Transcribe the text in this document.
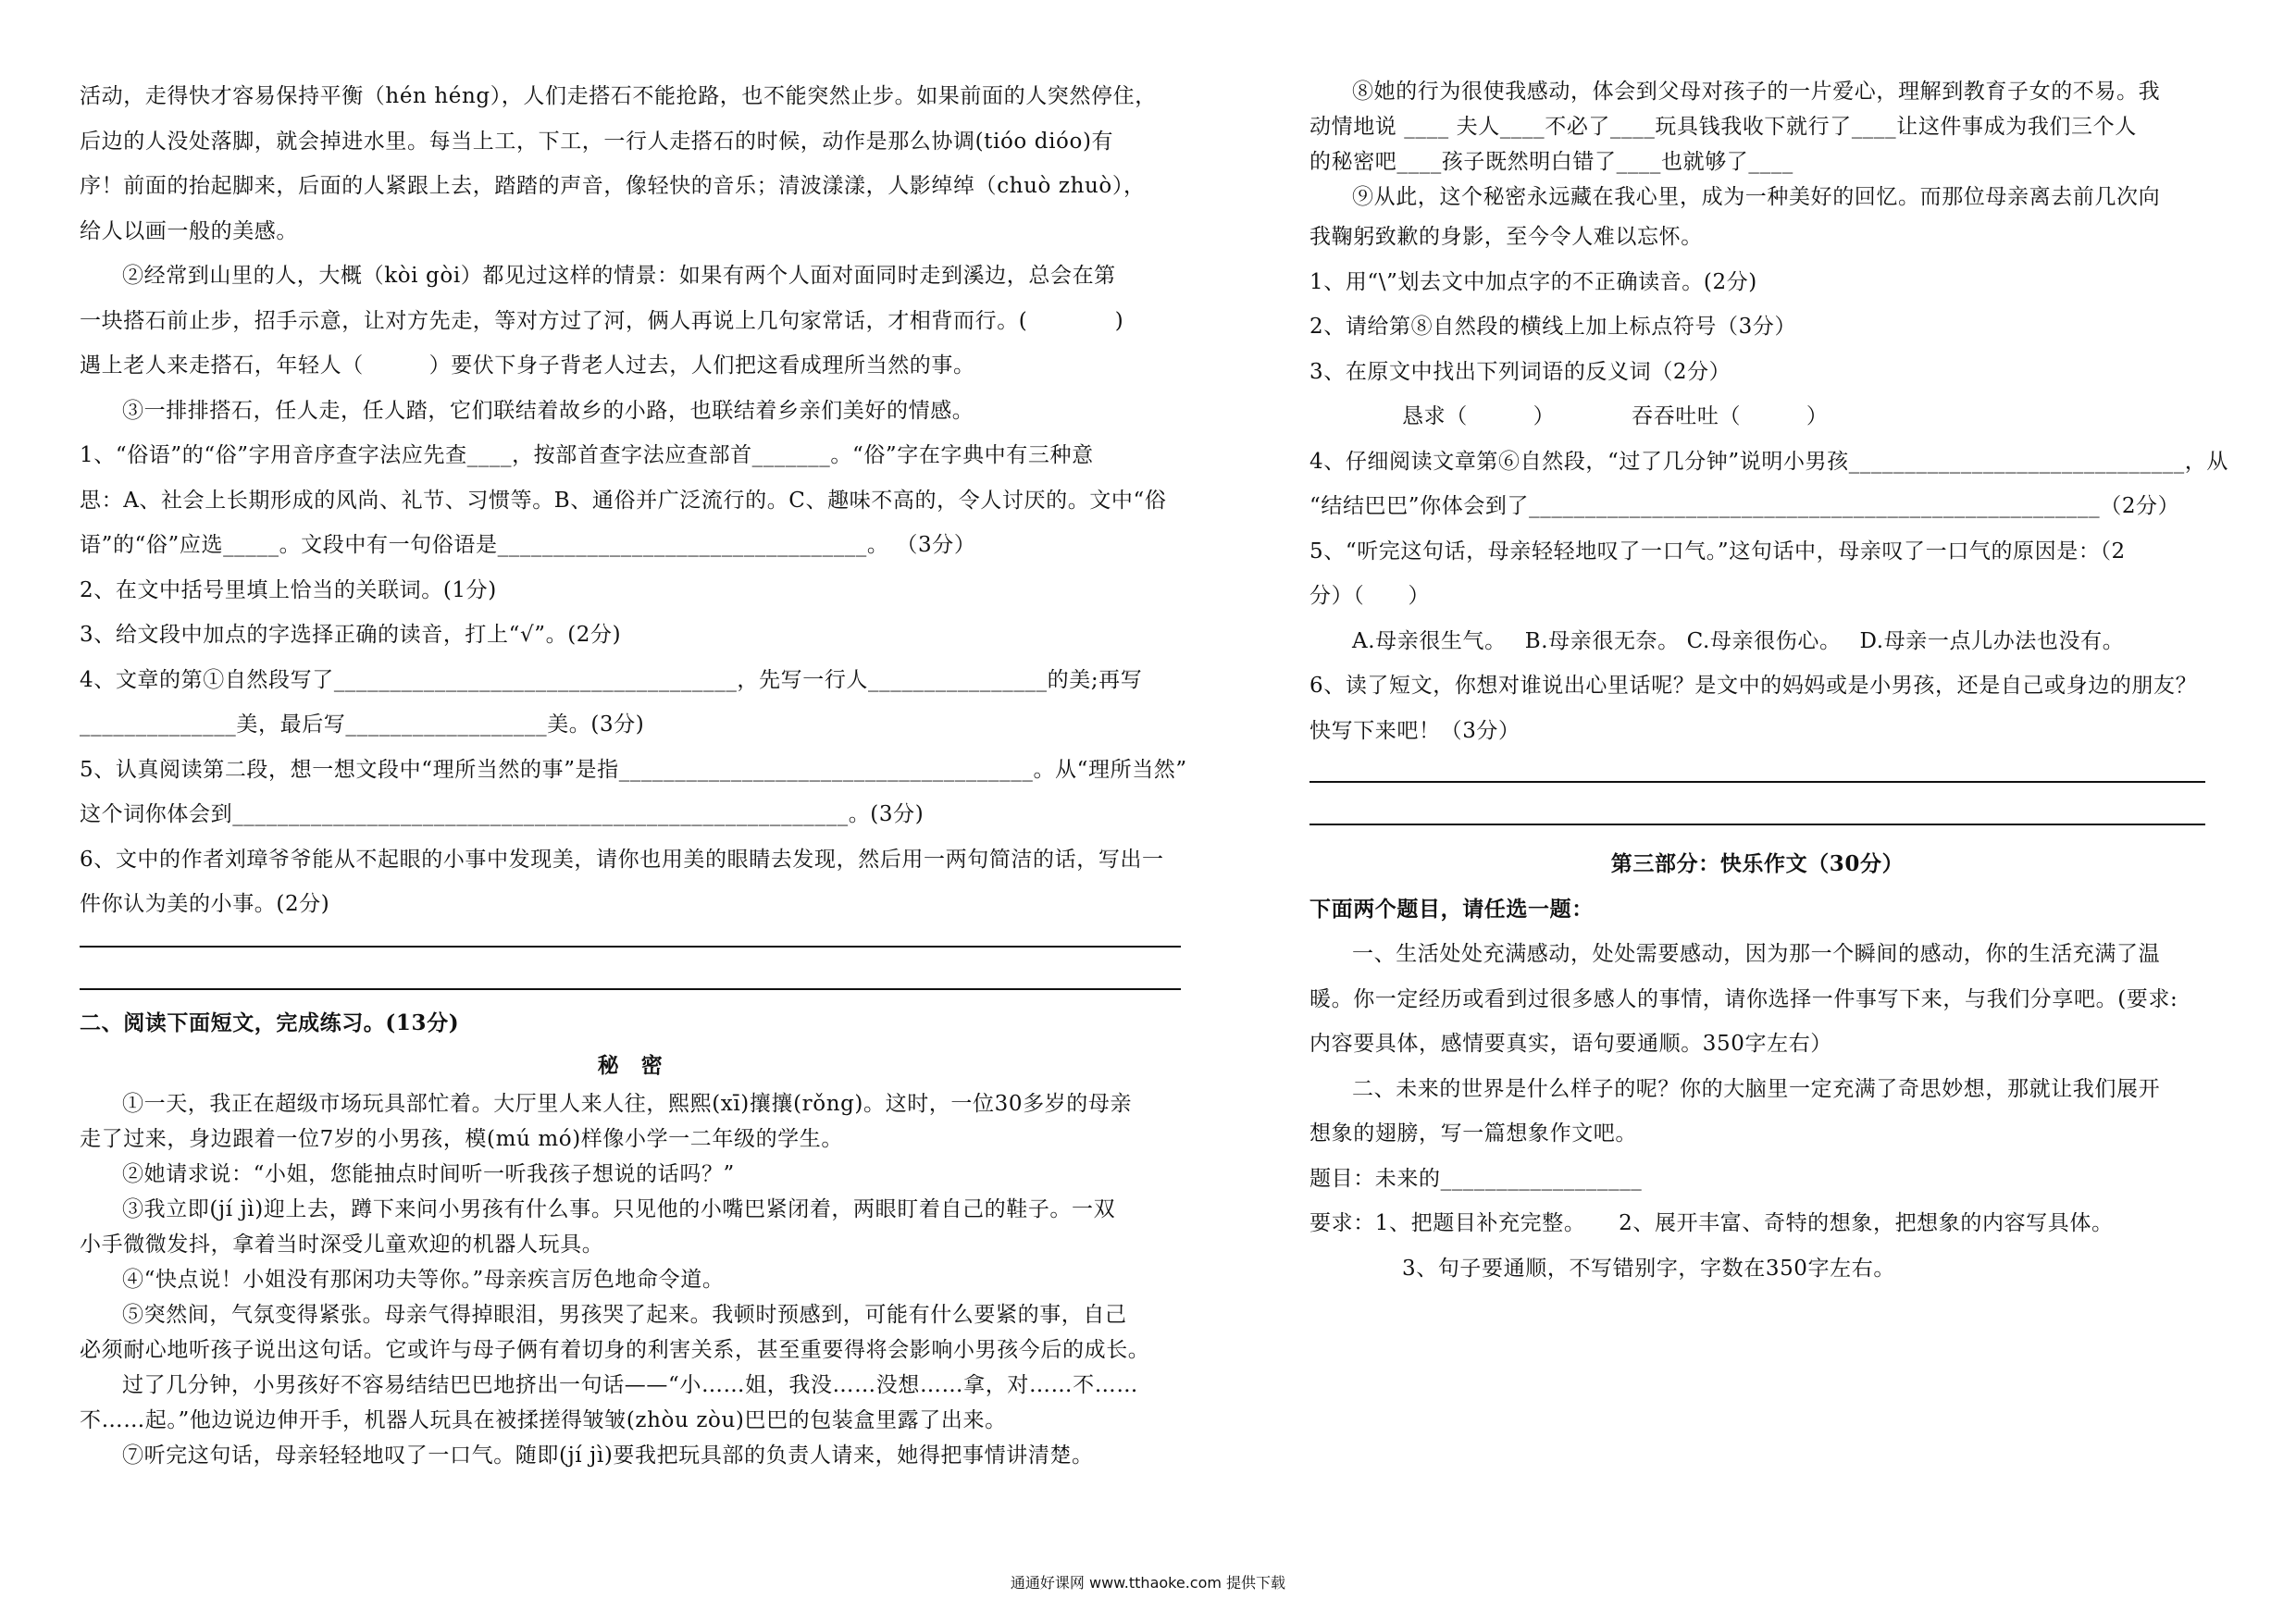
活动，走得快才容易保持平衡（hén héng），人们走搭石不能抢路，也不能突然止步。如果前面的人突然停住，

后边的人没处落脚，就会掉进水里。每当上工，下工，一行人走搭石的时候，动作是那么协调(tióo dióo)有

序！前面的抬起脚来，后面的人紧跟上去，踏踏的声音，像轻快的音乐；清波漾漾，人影绰绰（chuò zhuò），

给人以画一般的美感。

②经常到山里的人，大概（kòi gòi）都见过这样的情景：如果有两个人面对面同时走到溪边，总会在第

一块搭石前止步，招手示意，让对方先走，等对方过了河，俩人再说上几句家常话，才相背而行。(　　　　)

遇上老人来走搭石，年轻人（　　　）要伏下身子背老人过去，人们把这看成理所当然的事。

③一排排搭石，任人走，任人踏，它们联结着故乡的小路，也联结着乡亲们美好的情感。

1、“俗语”的“俗”字用音序查字法应先查____，按部首查字法应查部首_______。“俗”字在字典中有三种意

思：A、社会上长期形成的风尚、礼节、习惯等。B、通俗并广泛流行的。C、趣味不高的，令人讨厌的。文中“俗

语”的“俗”应选_____。文段中有一句俗语是_________________________________。 （3分）

2、在文中括号里填上恰当的关联词。(1分)

3、给文段中加点的字选择正确的读音，打上“√”。(2分)

4、文章的第①自然段写了____________________________________，先写一行人________________的美;再写

______________美，最后写__________________美。(3分)

5、认真阅读第二段，想一想文段中“理所当然的事”是指_____________________________________。从“理所当然”

这个词你体会到_______________________________________________________。(3分)

6、文中的作者刘璋爷爷能从不起眼的小事中发现美，请你也用美的眼睛去发现，然后用一两句简洁的话，写出一

件你认为美的小事。(2分)

二、阅读下面短文，完成练习。(13分)

秘　密

①一天，我正在超级市场玩具部忙着。大厅里人来人往，熙熙(xī)攘攘(rǒng)。这时，一位30多岁的母亲

走了过来，身边跟着一位7岁的小男孩，模(mú mó)样像小学一二年级的学生。

②她请求说：“小姐，您能抽点时间听一听我孩子想说的话吗？”

③我立即(jí jì)迎上去，蹲下来问小男孩有什么事。只见他的小嘴巴紧闭着，两眼盯着自己的鞋子。一双

小手微微发抖，拿着当时深受儿童欢迎的机器人玩具。

④“快点说！小姐没有那闲功夫等你。”母亲疾言厉色地命令道。

⑤突然间，气氛变得紧张。母亲气得掉眼泪，男孩哭了起来。我顿时预感到，可能有什么要紧的事，自己

必须耐心地听孩子说出这句话。它或许与母子俩有着切身的利害关系，甚至重要得将会影响小男孩今后的成长。

过了几分钟，小男孩好不容易结结巴巴地挤出一句话——“小……姐，我没……没想……拿，对……不……

不……起。”他边说边伸开手，机器人玩具在被揉搓得皱皱(zhòu zòu)巴巴的包装盒里露了出来。

⑦听完这句话，母亲轻轻地叹了一口气。随即(jí jì)要我把玩具部的负责人请来，她得把事情讲清楚。

⑧她的行为很使我感动，体会到父母对孩子的一片爱心，理解到教育子女的不易。我

动情地说 ____ 夫人____不必了____玩具钱我收下就行了____让这件事成为我们三个人

的秘密吧____孩子既然明白错了____也就够了____

⑨从此，这个秘密永远藏在我心里，成为一种美好的回忆。而那位母亲离去前几次向

我鞠躬致歉的身影，至今令人难以忘怀。

1、用“\”划去文中加点字的不正确读音。(2分)

2、请给第⑧自然段的横线上加上标点符号（3分）

3、在原文中找出下列词语的反义词（2分）

恳求（　　　）　　　　吞吞吐吐（　　　）

4、仔细阅读文章第⑥自然段，“过了几分钟”说明小男孩______________________________，从

“结结巴巴”你体会到了___________________________________________________（2分）

5、“听完这句话，母亲轻轻地叹了一口气。”这句话中，母亲叹了一口气的原因是：（2

分）（　　）

A.母亲很生气。　 B.母亲很无奈。 C.母亲很伤心。　 D.母亲一点儿办法也没有。

6、读了短文，你想对谁说出心里话呢？是文中的妈妈或是小男孩，还是自己或身边的朋友？

快写下来吧！（3分）

第三部分：快乐作文（30分）

下面两个题目，请任选一题：

一、生活处处充满感动，处处需要感动，因为那一个瞬间的感动，你的生活充满了温

暖。你一定经历或看到过很多感人的事情，请你选择一件事写下来，与我们分享吧。(要求:

内容要具体，感情要真实，语句要通顺。350字左右）

二、未来的世界是什么样子的呢？你的大脑里一定充满了奇思妙想，那就让我们展开

想象的翅膀，写一篇想象作文吧。

题目：未来的__________________

要求：1、把题目补充完整。　　2、展开丰富、奇特的想象，把想象的内容写具体。

3、句子要通顺，不写错别字，字数在350字左右。

通通好课网 www.tthaoke.com 提供下载
